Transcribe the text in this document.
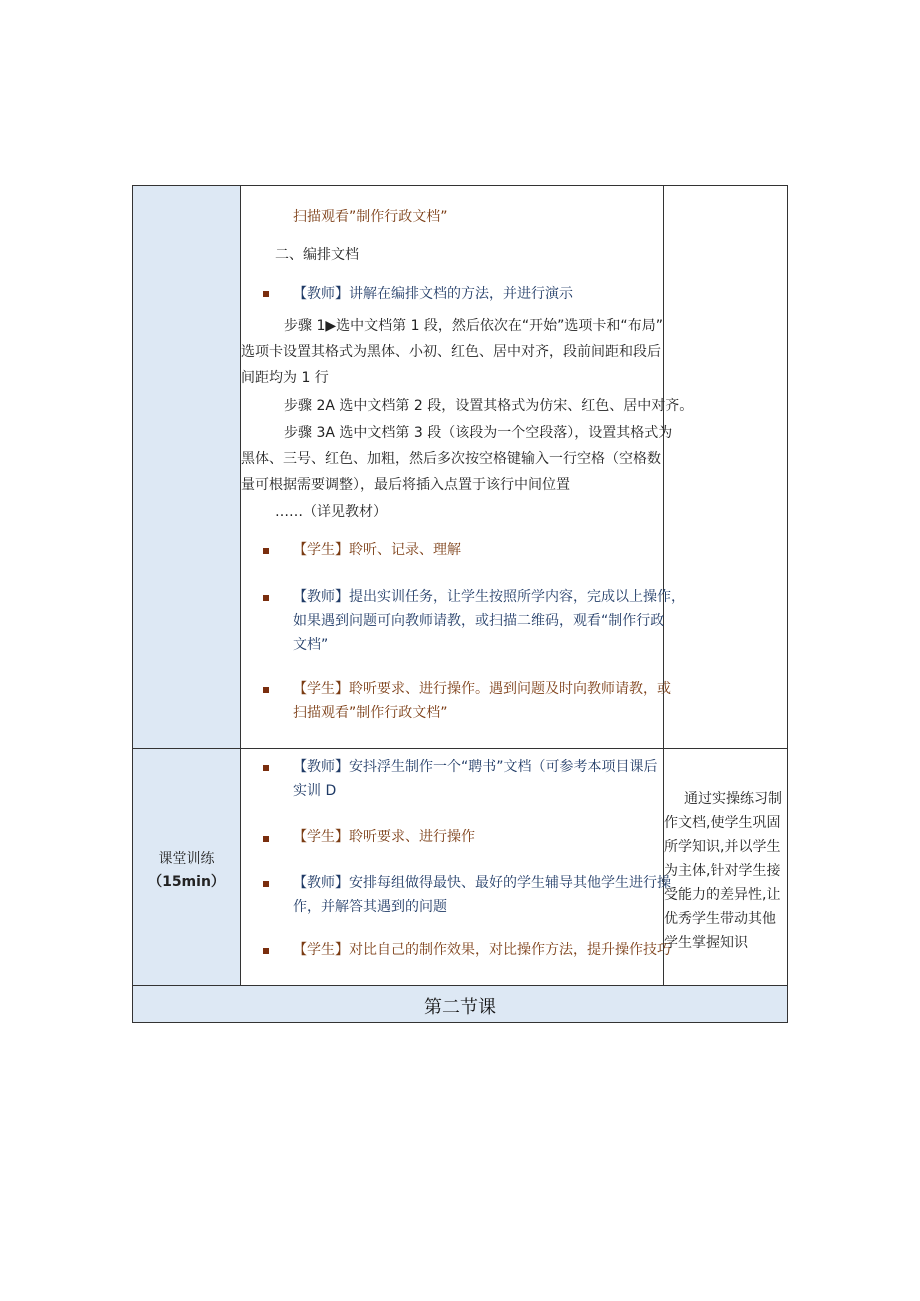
扫描观看”制作行政文档”
二、编排文档
【教师】讲解在编排文档的方法，并进行演示
步骤 1▶选中文档第 1 段，然后依次在“开始”选项卡和“布局”
选项卡设置其格式为黑体、小初、红色、居中对齐，段前间距和段后
间距均为 1 行
步骤 2A 选中文档第 2 段，设置其格式为仿宋、红色、居中对齐。
步骤 3A 选中文档第 3 段（该段为一个空段落），设置其格式为
黑体、三号、红色、加粗，然后多次按空格键输入一行空格（空格数
量可根据需要调整），最后将插入点置于该行中间位置
……（详见教材）
【学生】聆听、记录、理解
【教师】提出实训任务，让学生按照所学内容，完成以上操作，
如果遇到问题可向教师请教，或扫描二维码，观看“制作行政
文档”
【学生】聆听要求、进行操作。遇到问题及时向教师请教，或
扫描观看”制作行政文档”
课堂训练
（15min）
【教师】安抖浮生制作一个“聘书”文档（可参考本项目课后
实训 D
【学生】聆听要求、进行操作
【教师】安排每组做得最快、最好的学生辅导其他学生进行操
作，并解答其遇到的问题
【学生】对比自己的制作效果，对比操作方法，提升操作技巧
通过实操练习制
作文档,使学生巩固
所学知识,并以学生
为主体,针对学生接
受能力的差异性,让
优秀学生带动其他
学生掌握知识
第二节课
